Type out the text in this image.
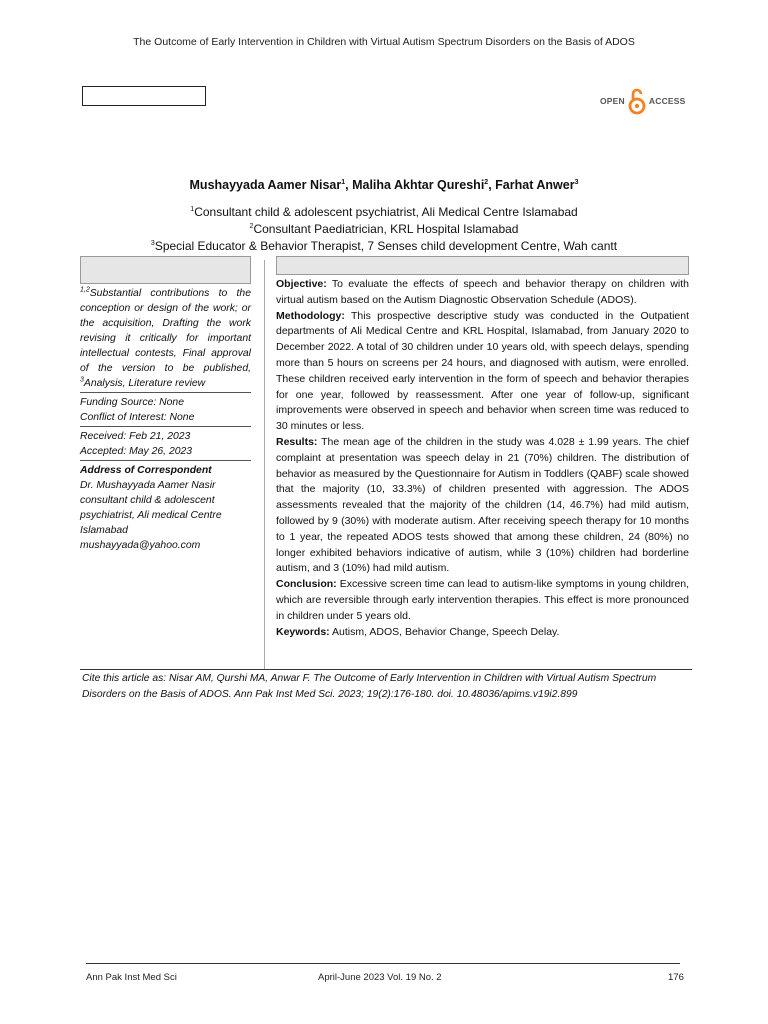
The Outcome of Early Intervention in Children with Virtual Autism Spectrum Disorders on the Basis of ADOS
OPEN	ACCESS
Mushayyada Aamer Nisar$^1$, Maliha Akhtar Qureshi$^2$, Farhat Anwer$^3$
$^1$Consultant child & adolescent psychiatrist, Ali Medical Centre Islamabad
$^2$Consultant Paediatrician, KRL Hospital Islamabad
$^3$Special Educator & Behavior Therapist, 7 Senses child development Centre, Wah cantt
$^{1,2}$Substantial contributions to the conception or design of the work; or the acquisition, Drafting the work revising it critically for important intellectual contests, Final approval of the version to be published, $^3$Analysis, Literature review
Funding Source: None
Conflict of Interest: None
Received: Feb 21, 2023
Accepted: May 26, 2023
Address of Correspondent
Dr. Mushayyada Aamer Nasir
consultant child & adolescent
psychiatrist, Ali medical Centre
Islamabad
mushayyada@yahoo.com

Objective: To evaluate the effects of speech and behavior therapy on children with virtual autism based on the Autism Diagnostic Observation Schedule (ADOS).

Methodology: This prospective descriptive study was conducted in the Outpatient departments of Ali Medical Centre and KRL Hospital, Islamabad, from January 2020 to December 2022. A total of 30 children under 10 years old, with speech delays, spending more than 5 hours on screens per 24 hours, and diagnosed with autism, were enrolled. These children received early intervention in the form of speech and behavior therapies for one year, followed by reassessment. After one year of follow-up, significant improvements were observed in speech and behavior when screen time was reduced to 30 minutes or less.

Results: The mean age of the children in the study was 4.028 ± 1.99 years. The chief complaint at presentation was speech delay in 21 (70%) children. The distribution of behavior as measured by the Questionnaire for Autism in Toddlers (QABF) scale showed that the majority (10, 33.3%) of children presented with aggression. The ADOS assessments revealed that the majority of the children (14, 46.7%) had mild autism, followed by 9 (30%) with moderate autism. After receiving speech therapy for 10 months to 1 year, the repeated ADOS tests showed that among these children, 24 (80%) no longer exhibited behaviors indicative of autism, while 3 (10%) children had borderline autism, and 3 (10%) had mild autism.

Conclusion: Excessive screen time can lead to autism-like symptoms in young children, which are reversible through early intervention therapies. This effect is more pronounced in children under 5 years old.

Keywords: Autism, ADOS, Behavior Change, Speech Delay.

Cite this article as: Nisar AM, Qurshi MA, Anwar F. The Outcome of Early Intervention in Children with Virtual Autism Spectrum Disorders on the Basis of ADOS. Ann Pak Inst Med Sci. 2023; 19(2):176-180. doi. 10.48036/apims.v19i2.899
Ann Pak Inst Med Sci	April-June 2023 Vol. 19 No. 2	176
